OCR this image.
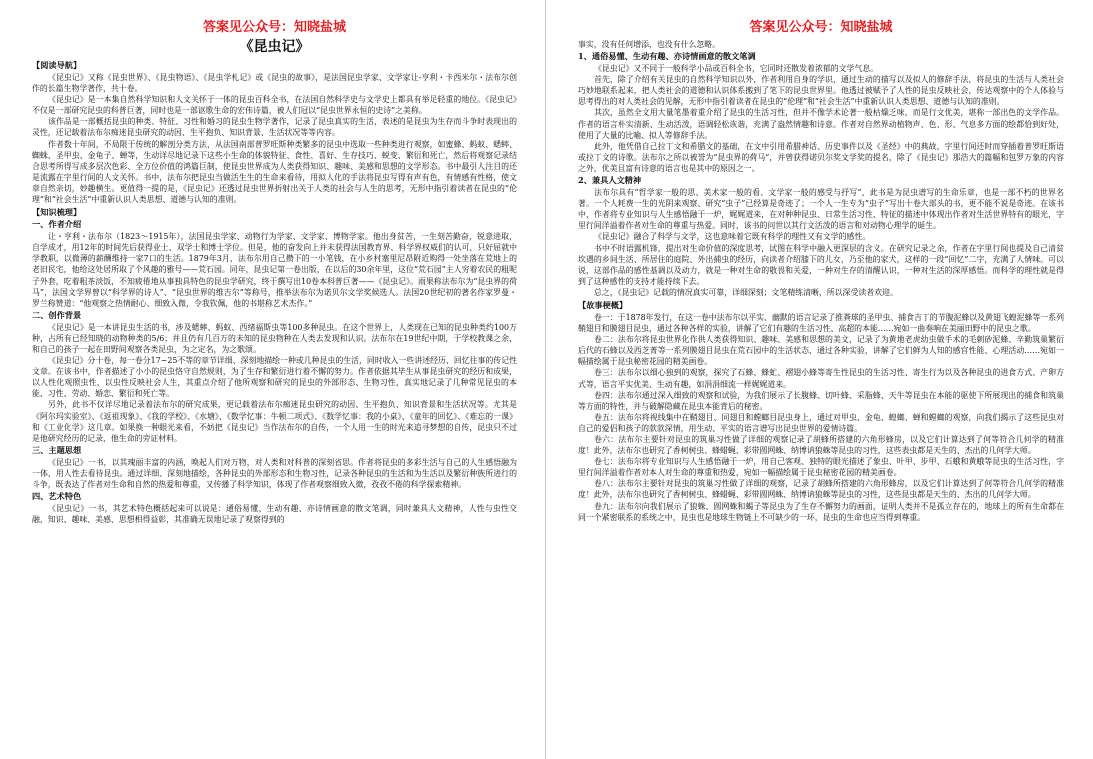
答案见公众号：知晓盐城
《昆虫记》
【阅读导航】

《昆虫记》又称《昆虫世界》、《昆虫物语》、《昆虫学札记》或《昆虫的故事》，是法国昆虫学家、文学家让-亨利・卡西米尔・法布尔创作的长篇生物学著作，共十卷。

《昆虫记》是一本集自然科学知识和人文关怀于一体的昆虫百科全书，在法国自然科学史与文学史上都具有举足轻重的地位。《昆虫记》不仅是一部研究昆虫的科普巨著，同时也是一部讴歌生命的宏伟诗篇，被人们冠以“昆虫世界永恒的史诗”之美称。

该作品是一部概括昆虫的种类、特征、习性和婚习的昆虫生物学著作，记录了昆虫真实的生活，表述的是昆虫为生存而斗争时表现出的灵性，还记载着法布尔痴迷昆虫研究的动因、生平抱负、知识背景、生活状况等等内容。

作者数十年间，不局限于传统的解剖分类方法，从法国南部普罗旺斯种类繁多的昆虫中选取一些种类进行观察，如蜜蜂、蚂蚁、蟋蟀、蜘蛛、圣甲虫、金龟子、蝉等，生动详尽地记录下这些小生命的体貌特征、食性、喜好、生存技巧、蜕变、繁衍和死亡，然后将观察记录结合思考所得写成多层次色彩、全方位价值的鸿篇巨制，使昆虫世界成为人类获得知识、趣味、美感和思想的文学形态。书中最引人注目的还是流露在字里行间的人文关怀。书中，法布尔把昆虫当做活生生的生命来看待，用拟人化的手法将昆虫写得有声有色，有情感有性格，使文章自然亲切，妙趣横生。更值得一提的是，《昆虫记》还透过昆虫世界折射出关于人类的社会与人生的思考，无形中指引着读者在昆虫的“伦理”和“社会生活”中重新认识人类思想、道德与认知的准则。

【知识梳理】
一、作者介绍

让・亨利・法布尔（1823～1915年），法国昆虫学家、动物行为学家、文学家、博物学家。他出身贫苦，一生刻苦勤奋，锐意进取，自学成才，用12年的时间先后获得业士、双学士和博士学位。但是，他的奋发向上并未获得法国教育界、科学界权威们的认可，只好屈就中学教职，以微薄的薪酬维持一家7口的生活。1879年3月，法布尔用自己攒下的一小笔钱，在小乡村塞里尼昂附近购得一处坐落在荒地上的老旧民宅，他给这处居所取了个风趣的雅号——荒石园。同年，昆虫记第一卷出版，在以后的30余年里，这位“荒石园”主人穷着农民的粗呢子外套，吃着粗茶淡饭，不知疲倦地从事独具特色的昆虫学研究，终于撰写出10卷本科普巨著——《昆虫记》。雨果称法布尔为“昆虫界的荷马”，法国文学界曾以“科学界的诗人”、“昆虫世界的维吉尔”等称号，推举法布尔为诺贝尔文学奖候选人。法国20世纪初的著名作家罗曼・罗兰称赞道：“他观察之热情耐心、细致入微，令我钦佩，他的书堪称艺术杰作。”

二、创作背景

《昆虫记》是一本讲昆虫生活的书，涉及蟋蟀、蚂蚁、西绪福斯虫等100多种昆虫。在这个世界上，人类现在已知的昆虫种类约100万种，占所有已经知晓的动物种类的5/6；并且仍有几百万的未知的昆虫物种在人类去发现和认识。法布尔在19世纪中期，于学校教课之余，和自己的孩子一起在田野间观察各类昆虫，为之定名，为之歌颂。

《昆虫记》分十卷，每一卷分17~25不等的章节详细、深刻地描绘一种或几种昆虫的生活，同时收入一些讲述经历、回忆往事的传记性文章。在该书中，作者描述了小小的昆虫恪守自然规则，为了生存和繁衍进行着不懈的努力。作者依据其毕生从事昆虫研究的经历和成果，以人性化观照虫性，以虫性反映社会人生，其重点介绍了他所观察和研究的昆虫的外部形态、生物习性，真实地记录了几种常见昆虫的本能、习性、劳动、婚恋、繁衍和死亡等。

另外，此书不仅详尽地记录着法布尔的研究成果，更记载着法布尔痴迷昆虫研究的动因、生平抱负、知识背景和生活状况等。尤其是《阿尔玛实验室》、《返祖现象》、《我的学校》、《水塘》、《数学忆事：牛顿二项式》、《数学忆事：我的小桌》、《童年的回忆》、《难忘的一课》和《工业化学》这几章。如果换一种眼光来看，不妨把《昆虫记》当作法布尔的自传，一个人用一生的时光来追寻梦想的自传，昆虫只不过是他研究经历的记录，他生命的旁证材料。

三、主题思想

《昆虫记》一书，以其瑰丽丰富的内涵，唤起人们对万物，对人类和对科普的深刻省思。作者将昆虫的多彩生活与自己的人生感悟融为一体，用人性去看待昆虫。通过详细、深刻地描绘，各种昆虫的外部形态和生物习性，记录各种昆虫的生活和为生活以及繁衍种族所进行的斗争，既表达了作者对生命和自然的热爱和尊重，又传播了科学知识，体现了作者观察细致入微，孜孜不倦的科学探索精神。

四、艺术特色

《昆虫记》一书，其艺术特色概括起来可以说是：通俗易懂、生动有趣、亦诗情画意的散文笔调，同时兼具人文精神，人性与虫性交融，知识、趣味、美感、思想相得益彰，其准确无误地记录了观察得到的

答案见公众号：知晓盐城

事实，没有任何增添，也没有什么忽略。

1、通俗易懂、生动有趣、亦诗情画意的散文笔调

《昆虫记》又不同于一般科学小品或百科全书，它同时还散发着浓郁的文学气息。

首先，除了介绍有关昆虫的自然科学知识以外，作者利用自身的学识，通过生动的描写以及拟人的修辞手法，将昆虫的生活与人类社会巧妙地联系起来，把人类社会的道德和认识体系搬到了笔下的昆虫世界里。他透过被赋予了人性的昆虫反映社会，传达观察中的个人体验与思考得出的对人类社会的见解，无形中指引着读者在昆虫的“伦理”和“社会生活”中重新认识人类思想、道德与认知的准则。

其次，虽然全文用大量笔墨着重介绍了昆虫的生活习性，但并不像学术论著一般枯燥乏味，而是行文优美，堪称一部出色的文学作品。作者的语言朴实清新、生动活泼，语调轻松诙谐，充满了盎然情趣和诗意。作者对自然界动植物声、色、形、气息多方面的绘都恰到好处，使用了大量的比喻、拟人等修辞手法。

此外，他凭借自己拉丁文和希腊文的基础，在文中引用希腊神话、历史事件以及《圣经》中的典故，字里行间还时而穿插着普罗旺斯语或拉丁文的诗歌。法布尔之所以被誉为“昆虫界的荷马”，并曾获得诺贝尔奖文学奖的提名，除了《昆虫记》那浩大的篇幅和包罗万象的内容之外，优美且富有诗意的语言也是其中的原因之一。

2、兼具人文精神

法布尔具有“哲学家一般的思、美术家一般的看、文学家一般的感受与抒写”，此书是为昆虫谱写的生命乐章，也是一部不朽的世界名著。一个人耗费一生的光阴来观察、研究“虫子”已经算是奇迹了；一个人一生专为“虫子”写出十卷大部头的书，更不能不说是奇迹。在该书中，作者将专业知识与人生感悟融于一炉，娓娓道来，在对种种昆虫、日常生活习性、特征的描述中体现出作者对生活世界特有的眼光，字里行间洋溢着作者对生命的尊重与热爱。同时，该书的问世以其行文活泼的语言和对动物心理学的诞生。

《昆虫记》融合了科学与文学，这也意味着它既有科学的理性又有文学的感性。

书中不时语露机锋，提出对生命价值的深度思考，试图在科学中融入更深层的含义。在研究记录之余，作者在字里行间也提及自己清贫坎遇的乡间生活、所居住的庭院、外出捕虫的经历，向读者介绍膝下的儿女，乃至他的家犬，这样的一段“回忆”二字，充满了人情味。可以说，这部作品的感性基调以及动力，就是一种对生命的敬畏和关爱，一种对生存的清醒认识，一种对生活的深厚感悟。而科学的理性就是得到了这种感性的支持才能持续下去。

总之，《昆虫记》记载的情况真实可靠，详细深刻；文笔精练清晰，所以深受读者欢迎。

【故事梗概】

卷一：于1878年发行，在这一卷中法布尔以平实、幽默的语言记录了推粪球的圣甲虫、捕食吉丁的节腹泥蜂以及黄翅飞蝗泥蜂等一系列鞘翅目和膜翅目昆虫，通过各种各样的实验，讲解了它们有趣的生活习性、高超的本能……宛如一曲奏响在美丽田野中的昆虫之歌。

卷二：法布尔将昆虫世界化作供人类获得知识、趣味、美感和思想的美文，记录了为黄地老虎幼虫做手术的毛刺砂泥蜂、辛勤筑巢繁衍后代的石蜂以及西芝菁等一系列膜翅目昆虫在荒石园中的生活状态，通过各种实验，讲解了它们鲜为人知的感官性能、心理活动……宛如一幅描绘属于昆虫秘密花园的精美画卷。

卷三：法布尔以细心独到的观察，探究了石蜂、蜂虻、褶翅小蜂等寄生性昆虫的生活习性、寄生行为以及各种昆虫的进食方式、产卵方式等，语言平实优美、生动有趣，如涓涓细流一样娓娓道来。

卷四：法布尔通过深入细致的观察和试验，为我们展示了长腹蜂、切叶蜂、采脂蜂、天牛等昆虫在本能的驱使下所展现出的捕食和筑巢等方面的特性，并与破解隐藏在昆虫本能背后的秘密。

卷五：法布尔将视线集中在鞘翅目、同翅目和螳螂目昆虫身上，通过对甲虫、金龟、蝗螂、蝉和螳螂的观察，向我们揭示了这些昆虫对自己的爱侣和孩子的款款深情，用生动、平实的语言谱写出昆虫世界的爱情诗篇。

卷六：法布尔主要针对昆虫的筑巢习性做了详细的观察记录了胡蜂所搭建的六角形蜂房，以及它们计算达到了何等符合几何学的精准度！此外，法布尔也研究了香柯树虫、蜂蜡蝇、彩带圆网蛛、纳博讷狼蛛等昆虫的习性，这些表虫都是天生的、杰出的几何学大师。

卷七：法布尔将专业知识与人生感悟融于一炉，用自己客观、独特的眼光描述了象虫、叶甲、步甲、石蛾和黄蛾等昆虫的生活习性，字里行间洋溢着作者对本人对生命的尊重和热爱，宛如一幅描绘属于昆虫秘密花园的精美画卷。

卷八：法布尔主要针对昆虫的筑巢习性做了详细的观察，记录了胡蜂所搭建的六角形蜂房，以及它们计算达到了何等符合几何学的精准度！此外，法布尔也研究了香柯树虫、蜂蜡蝇、彩带圆网蛛、纳博讷狼蛛等昆虫的习性，这些昆虫都是天生的、杰出的几何学大师。

卷九：法布尔向我们展示了狼蛛、圆网蛛和蝎子等昆虫为了生存不懈努力的画面，证明人类并不是孤立存在的，地球上的所有生命都在同一个紧密联系的系统之中，昆虫也是地球生物链上不可缺少的一环，昆虫的生命也应当得到尊重。
